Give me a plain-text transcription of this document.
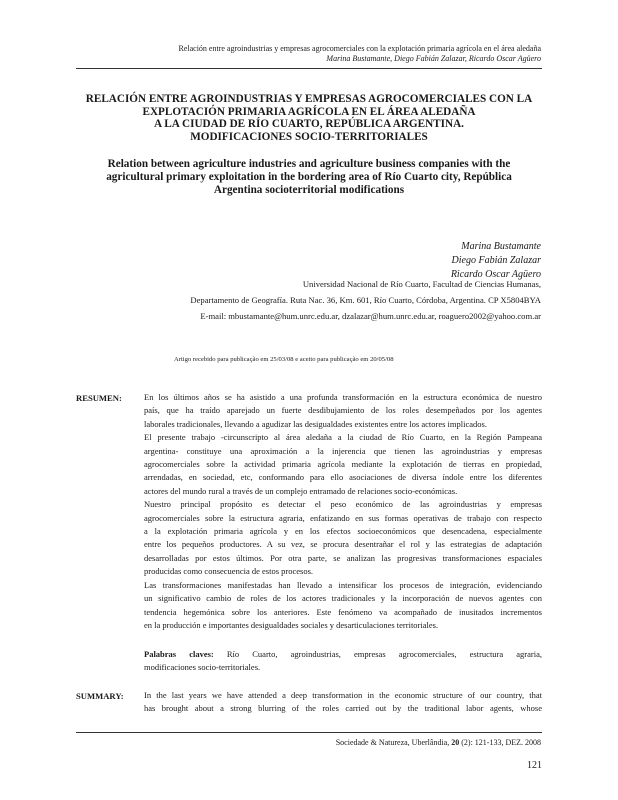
Relación entre agroindustrias y empresas agrocomerciales con la explotación primaria agrícola en el área aledaña
Marina Bustamante, Diego Fabián Zalazar, Ricardo Oscar Agüero
RELACIÓN ENTRE AGROINDUSTRIAS Y EMPRESAS AGROCOMERCIALES CON LA
EXPLOTACIÓN PRIMARIA AGRÍCOLA EN EL ÁREA ALEDAÑA
A LA CIUDAD DE RÍO CUARTO, REPÚBLICA ARGENTINA.
MODIFICACIONES SOCIO-TERRITORIALES
Relation between agriculture industries and agriculture business companies with the
agricultural primary exploitation in the bordering area of Río Cuarto city, República
Argentina socioterritorial modifications
Marina Bustamante
Diego Fabián Zalazar
Ricardo Oscar Agüero
Universidad Nacional de Río Cuarto, Facultad de Ciencias Humanas,
Departamento de Geografía. Ruta Nac. 36, Km. 601, Río Cuarto, Córdoba, Argentina. CP X5804BYA
E-mail: mbustamante@hum.unrc.edu.ar, dzalazar@hum.unrc.edu.ar, roaguero2002@yahoo.com.ar
Artigo recebido para publicação em 25/03/08 e aceito para publicação em 20/05/08
RESUMEN:	En los últimos años se ha asistido a una profunda transformación en la estructura económica de nuestro
país, que ha traído aparejado un fuerte desdibujamiento de los roles desempeñados por los agentes
laborales tradicionales, llevando a agudizar las desigualdades existentes entre los actores implicados.
El presente trabajo -circunscripto al área aledaña a la ciudad de Río Cuarto, en la Región Pampeana
argentina- constituye una aproximación a la injerencia que tienen las agroindustrias y empresas
agrocomerciales sobre la actividad primaria agrícola mediante la explotación de tierras en propiedad,
arrendadas, en sociedad, etc, conformando para ello asociaciones de diversa índole entre los diferentes
actores del mundo rural a través de un complejo entramado de relaciones socio-económicas.
Nuestro principal propósito es detectar el peso económico de las agroindustrias y empresas
agrocomerciales sobre la estructura agraria, enfatizando en sus formas operativas de trabajo con respecto
a la explotación primaria agrícola y en los efectos socioeconómicos que desencadena, especialmente
entre los pequeños productores. A su vez, se procura desentrañar el rol y las estrategias de adaptación
desarrolladas por estos últimos. Por otra parte, se analizan las progresivas transformaciones espaciales
producidas como consecuencia de estos procesos.
Las transformaciones manifestadas han llevado a intensificar los procesos de integración, evidenciando
un significativo cambio de roles de los actores tradicionales y la incorporación de nuevos agentes con
tendencia hegemónica sobre los anteriores. Este fenómeno va acompañado de inusitados incrementos
en la producción e importantes desigualdades sociales y desarticulaciones territoriales.
Palabras claves: Río Cuarto, agroindustrias, empresas agrocomerciales, estructura agraria,
modificaciones socio-territoriales.
SUMMARY: In the last years we have attended a deep transformation in the economic structure of our country, that
has brought about a strong blurring of the roles carried out by the traditional labor agents, whose
Sociedade & Natureza, Uberlândia, 20 (2): 121-133, DEZ. 2008
121
